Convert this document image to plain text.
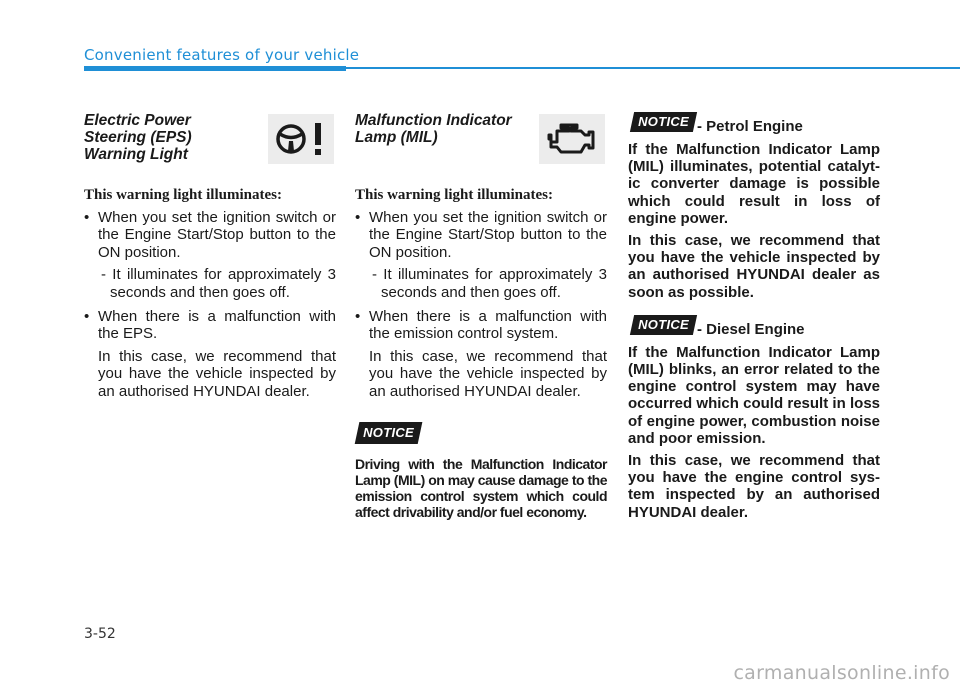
Convenient features of your vehicle
Electric Power
Steering (EPS)
Warning Light
This warning light illuminates:
• When you set the ignition switch or the Engine Start/Stop button to the ON position.
- It illuminates for approximately 3 seconds and then goes off.
• When there is a malfunction with the EPS.
In this case, we recommend that you have the vehicle inspected by an authorised HYUNDAI dealer.
Malfunction Indicator
Lamp (MIL)
This warning light illuminates:
• When you set the ignition switch or the Engine Start/Stop button to the ON position.
- It illuminates for approximately 3 seconds and then goes off.
• When there is a malfunction with the emission control system.
In this case, we recommend that you have the vehicle inspected by an authorised HYUNDAI dealer.
NOTICE
Driving with the Malfunction Indicator Lamp (MIL) on may cause damage to the emission control system which could affect drivability and/or fuel economy.
NOTICE - Petrol Engine
If the Malfunction Indicator Lamp (MIL) illuminates, potential catalyt-ic converter damage is possible which could result in loss of engine power.
In this case, we recommend that you have the vehicle inspected by an authorised HYUNDAI dealer as soon as possible.
NOTICE - Diesel Engine
If the Malfunction Indicator Lamp (MIL) blinks, an error related to the engine control system may have occurred which could result in loss of engine power, combustion noise and poor emission.
In this case, we recommend that you have the engine control sys-tem inspected by an authorised HYUNDAI dealer.
3-52
carmanualsonline.info
